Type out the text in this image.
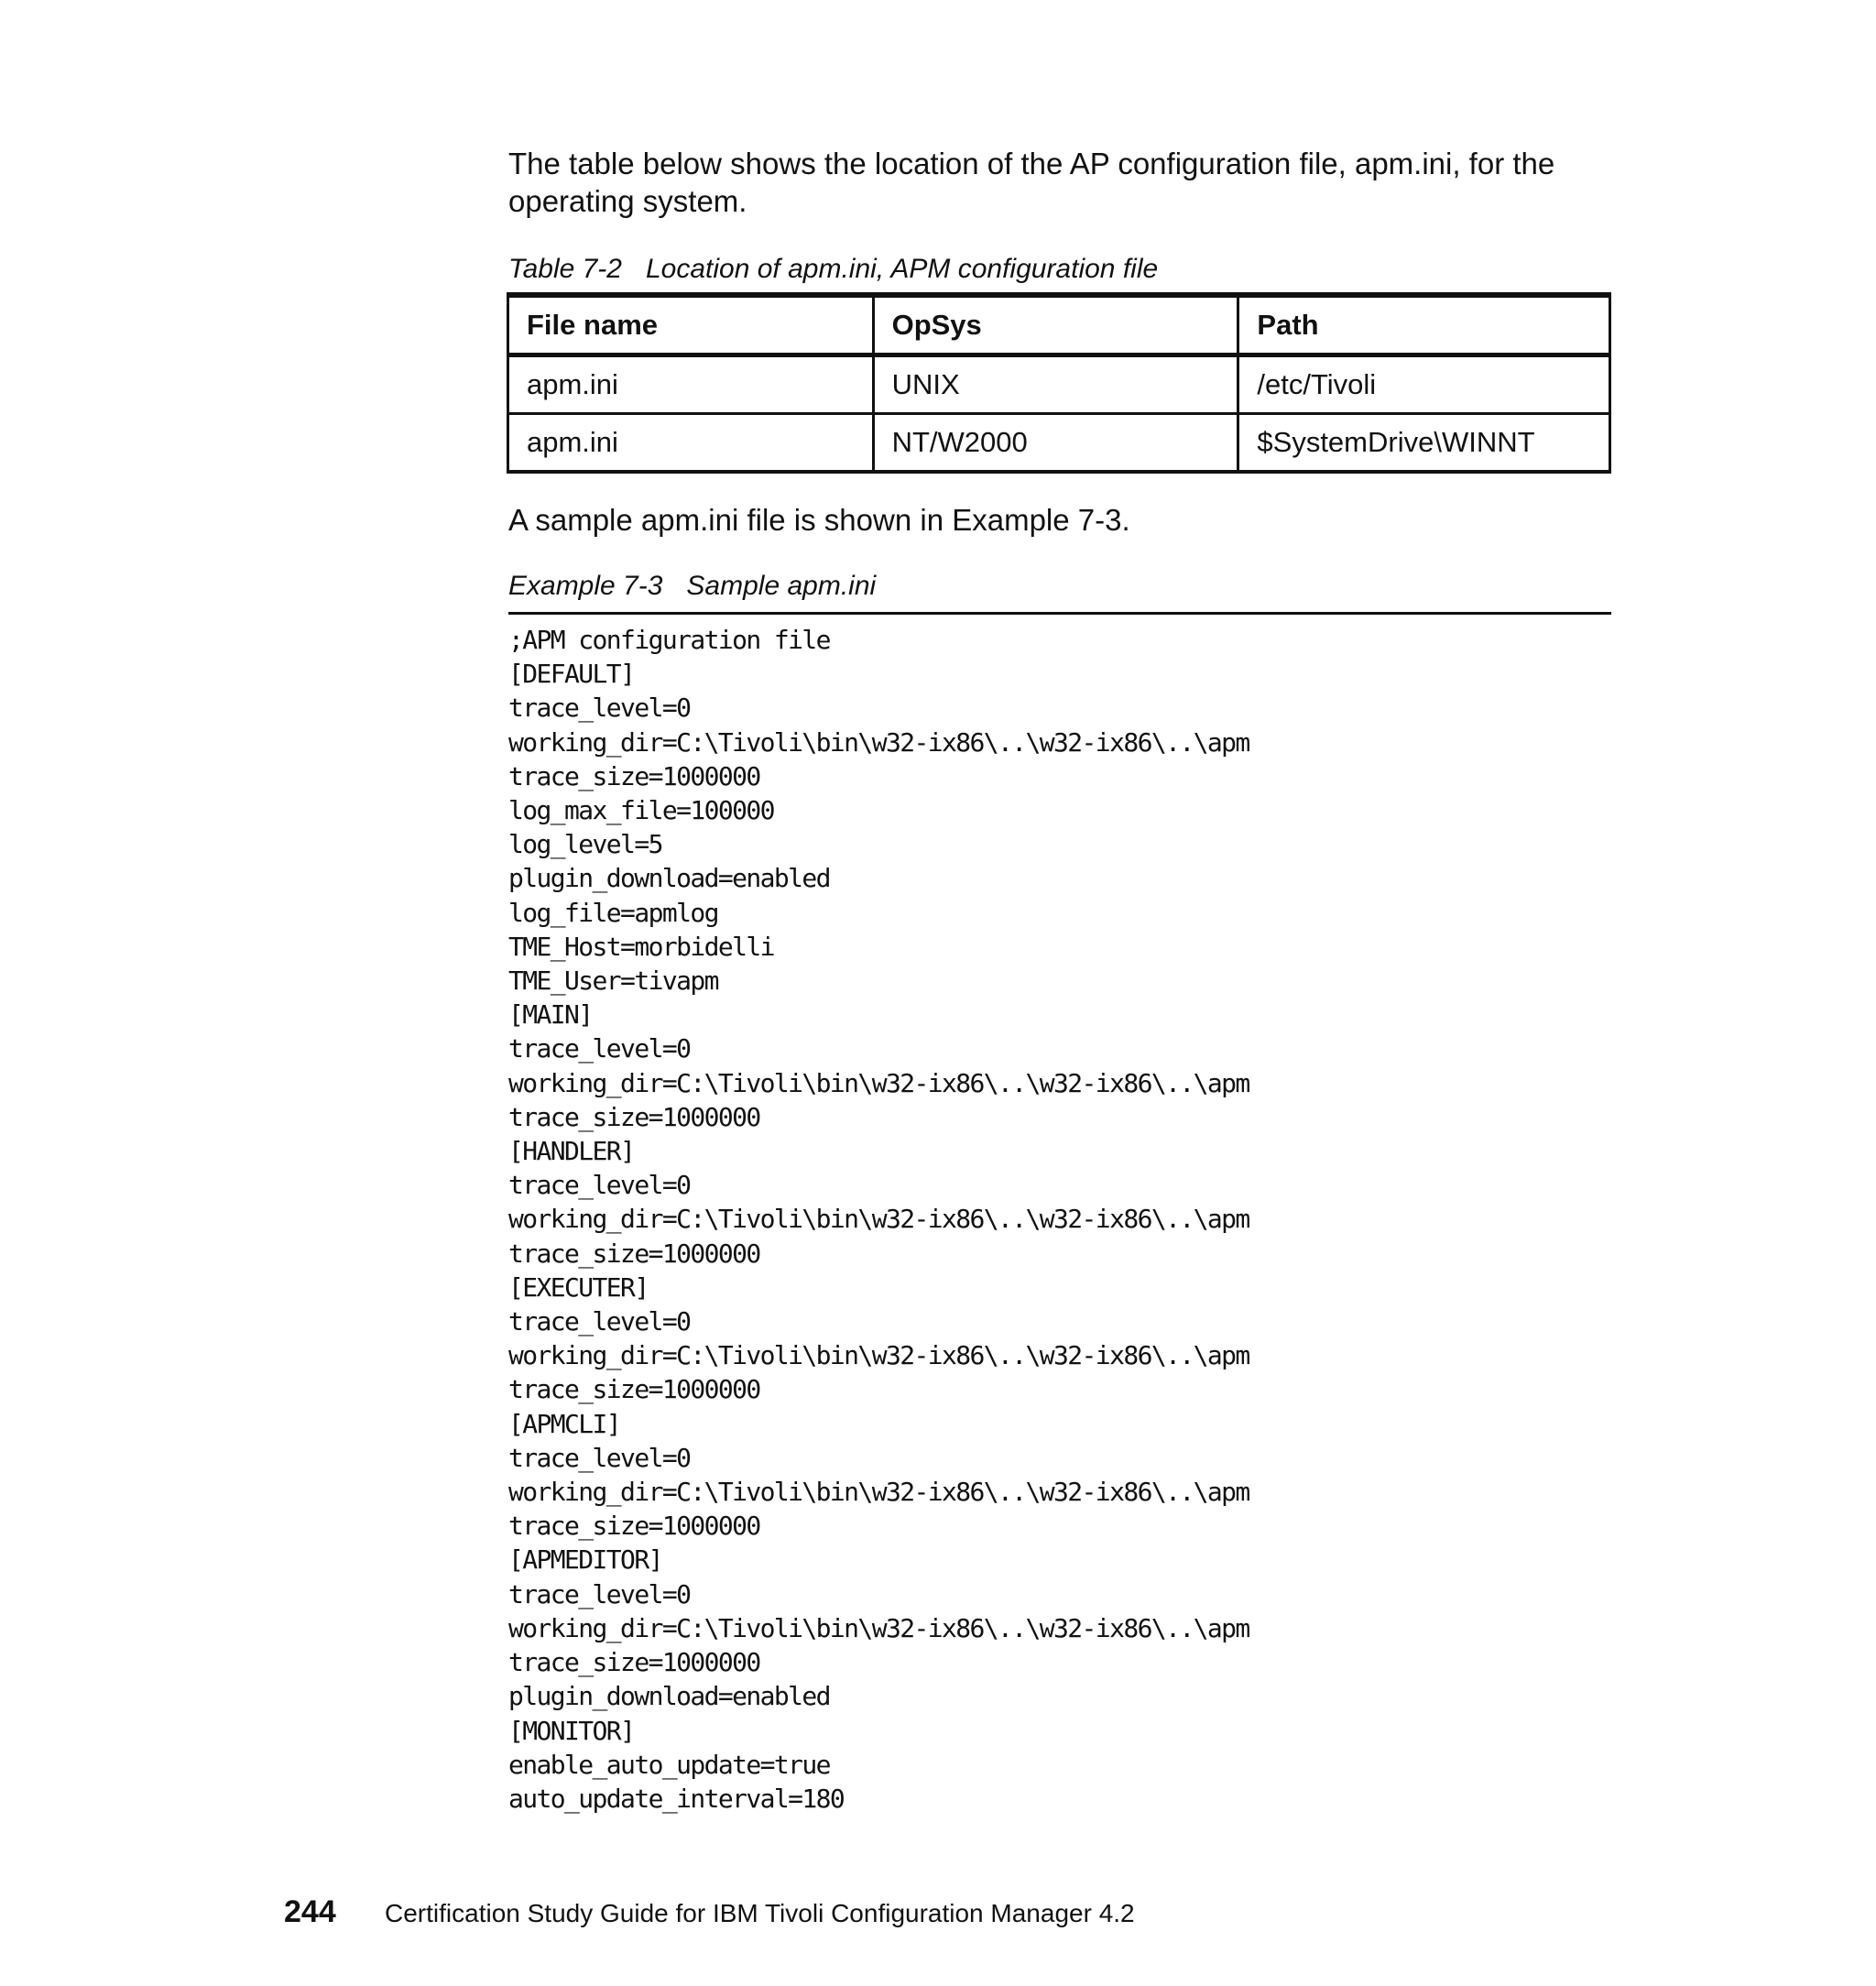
The table below shows the location of the AP configuration file, apm.ini, for the operating system.

Table 7-2 Location of apm.ini, APM configuration file

File name	OpSys	Path
apm.ini	UNIX	/etc/Tivoli
apm.ini	NT/W2000	$SystemDrive\WINNT

A sample apm.ini file is shown in Example 7-3.

Example 7-3 Sample apm.ini

;APM configuration file
[DEFAULT]
trace_level=0
working_dir=C:\Tivoli\bin\w32-ix86\..\w32-ix86\..\apm
trace_size=1000000
log_max_file=100000
log_level=5
plugin_download=enabled
log_file=apmlog
TME_Host=morbidelli
TME_User=tivapm
[MAIN]
trace_level=0
working_dir=C:\Tivoli\bin\w32-ix86\..\w32-ix86\..\apm
trace_size=1000000
[HANDLER]
trace_level=0
working_dir=C:\Tivoli\bin\w32-ix86\..\w32-ix86\..\apm
trace_size=1000000
[EXECUTER]
trace_level=0
working_dir=C:\Tivoli\bin\w32-ix86\..\w32-ix86\..\apm
trace_size=1000000
[APMCLI]
trace_level=0
working_dir=C:\Tivoli\bin\w32-ix86\..\w32-ix86\..\apm
trace_size=1000000
[APMEDITOR]
trace_level=0
working_dir=C:\Tivoli\bin\w32-ix86\..\w32-ix86\..\apm
trace_size=1000000
plugin_download=enabled
[MONITOR]
enable_auto_update=true
auto_update_interval=180
244 Certification Study Guide for IBM Tivoli Configuration Manager 4.2
